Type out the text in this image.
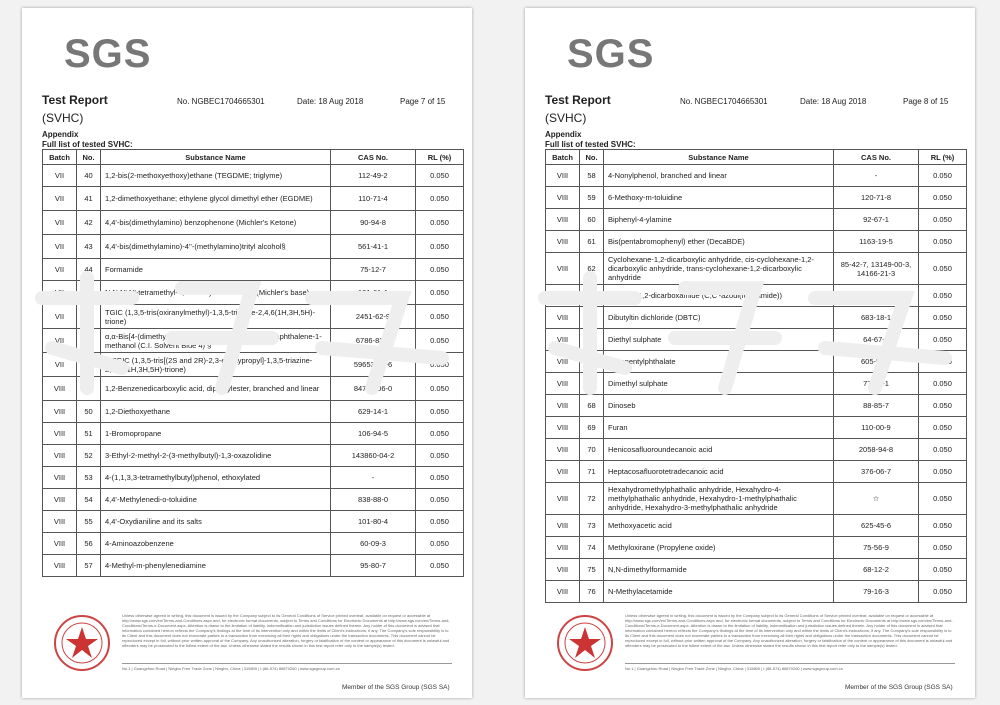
SGS
Test Report
(SVHC)
No. NGBEC1704665301	Date: 18 Aug 2018	Page 7 of 15
Appendix
Full list of tested SVHC:
Batch	No.	Substance Name	CAS No.	RL (%)
VII	40	1,2-bis(2-methoxyethoxy)ethane (TEGDME; triglyme)	112-49-2	0.050
VII	41	1,2-dimethoxyethane; ethylene glycol dimethyl ether (EGDME)	110-71-4	0.050
VII	42	4,4'-bis(dimethylamino) benzophenone (Michler's Ketone)	90-94-8	0.050
VII	43	4,4'-bis(dimethylamino)-4''-(methylamino)trityl alcohol§	561-41-1	0.050
VII	44	Formamide	75-12-7	0.050
VII	45	N,N,N',N'-tetramethyl-4,4'-methylenedianiline (Michler's base)	101-61-1	0.050
VII	46	TGIC (1,3,5-tris(oxiranylmethyl)-1,3,5-triazine-2,4,6(1H,3H,5H)-trione)	2451-62-9	0.050
VII	47	α,α-Bis[4-(dimethylamino)phenyl]-4 (phenylamino)naphthalene-1-methanol (C.I. Solvent Blue 4) §	6786-83-0	0.050
VII	48	β-TGIC (1,3,5-tris[(2S and 2R)-2,3-epoxypropyl]-1,3,5-triazine-2,4,6-(1H,3H,5H)-trione)	59653-74-6	0.050
VIII	49	1,2-Benzenedicarboxylic acid, dipentylester, branched and linear	84777-06-0	0.050
VIII	50	1,2-Diethoxyethane	629-14-1	0.050
VIII	51	1-Bromopropane	106-94-5	0.050
VIII	52	3-Ethyl-2-methyl-2-(3-methylbutyl)-1,3-oxazolidine	143860-04-2	0.050
VIII	53	4-(1,1,3,3-tetramethylbutyl)phenol, ethoxylated	-	0.050
VIII	54	4,4'-Methylenedi-o-toluidine	838-88-0	0.050
VIII	55	4,4'-Oxydianiline and its salts	101-80-4	0.050
VIII	56	4-Aminoazobenzene	60-09-3	0.050
VIII	57	4-Methyl-m-phenylenediamine	95-80-7	0.050
Unless otherwise agreed in writing, this document is issued by the Company subject to its General Conditions of Service printed overleaf, available on request or accessible at http://www.sgs.com/en/Terms-and-Conditions.aspx and, for electronic format documents, subject to Terms and Conditions for Electronic Documents at http://www.sgs.com/en/Terms-and-Conditions/Terms-e-Document.aspx. Attention is drawn to the limitation of liability, indemnification and jurisdiction issues defined therein. Any holder of this document is advised that information contained hereon reflects the Company's findings at the time of its intervention only and within the limits of Client's instructions, if any. The Company's sole responsibility is to its Client and this document does not exonerate parties to a transaction from exercising all their rights and obligations under the transaction documents. This document cannot be reproduced except in full, without prior written approval of the Company. Any unauthorized alteration, forgery or falsification of the content or appearance of this document is unlawful and offenders may be prosecuted to the fullest extent of the law. Unless otherwise stated the results shown in this test report refer only to the sample(s) tested.
No.1 | Guangzhou Road | Ningbo Free Trade Zone | Ningbo, China | 315800 | t (86-574) 86870260 | www.sgsgroup.com.cn
Member of the SGS Group (SGS SA)
SGS
Test Report
(SVHC)
No. NGBEC1704665301	Date: 18 Aug 2018	Page 8 of 15
Appendix
Full list of tested SVHC:
Batch	No.	Substance Name	CAS No.	RL (%)
VIII	58	4-Nonylphenol, branched and linear	-	0.050
VIII	59	6-Methoxy-m-toluidine	120-71-8	0.050
VIII	60	Biphenyl-4-ylamine	92-67-1	0.050
VIII	61	Bis(pentabromophenyl) ether (DecaBDE)	1163-19-5	0.050
VIII	62	Cyclohexane-1,2-dicarboxylic anhydride, cis-cyclohexane-1,2-dicarboxylic anhydride, trans-cyclohexane-1,2-dicarboxylic anhydride	85-42-7, 13149-00-3, 14166-21-3	0.050
VIII	63	Diazene-1,2-dicarboxamide (C,C'-azodi(formamide))	123-77-3	0.050
VIII	64	Dibutyltin dichloride (DBTC)	683-18-1	0.050
VIII	65	Diethyl sulphate	64-67-5	0.050
VIII	66	Diisopentylphthalate	605-50-5	0.050
VIII	67	Dimethyl sulphate	77-78-1	0.050
VIII	68	Dinoseb	88-85-7	0.050
VIII	69	Furan	110-00-9	0.050
VIII	70	Henicosafluoroundecanoic acid	2058-94-8	0.050
VIII	71	Heptacosafluorotetradecanoic acid	376-06-7	0.050
VIII	72	Hexahydromethylphathalic anhydride, Hexahydro-4-methylphathalic anhydride, Hexahydro-1-methylphathalic anhydride, Hexahydro-3-methylphathalic anhydride	☆	0.050
VIII	73	Methoxyacetic acid	625-45-6	0.050
VIII	74	Methyloxirane (Propylene oxide)	75-56-9	0.050
VIII	75	N,N-dimethylformamide	68-12-2	0.050
VIII	76	N-Methylacetamide	79-16-3	0.050
Unless otherwise agreed in writing, this document is issued by the Company subject to its General Conditions of Service printed overleaf, available on request or accessible at http://www.sgs.com/en/Terms-and-Conditions.aspx and, for electronic format documents, subject to Terms and Conditions for Electronic Documents at http://www.sgs.com/en/Terms-and-Conditions/Terms-e-Document.aspx. Attention is drawn to the limitation of liability, indemnification and jurisdiction issues defined therein. Any holder of this document is advised that information contained hereon reflects the Company's findings at the time of its intervention only and within the limits of Client's instructions, if any. The Company's sole responsibility is to its Client and this document does not exonerate parties to a transaction from exercising all their rights and obligations under the transaction documents. This document cannot be reproduced except in full, without prior written approval of the Company. Any unauthorized alteration, forgery or falsification of the content or appearance of this document is unlawful and offenders may be prosecuted to the fullest extent of the law. Unless otherwise stated the results shown in this test report refer only to the sample(s) tested.
No.1 | Guangzhou Road | Ningbo Free Trade Zone | Ningbo, China | 315800 | t (86-574) 86870260 | www.sgsgroup.com.cn
Member of the SGS Group (SGS SA)
